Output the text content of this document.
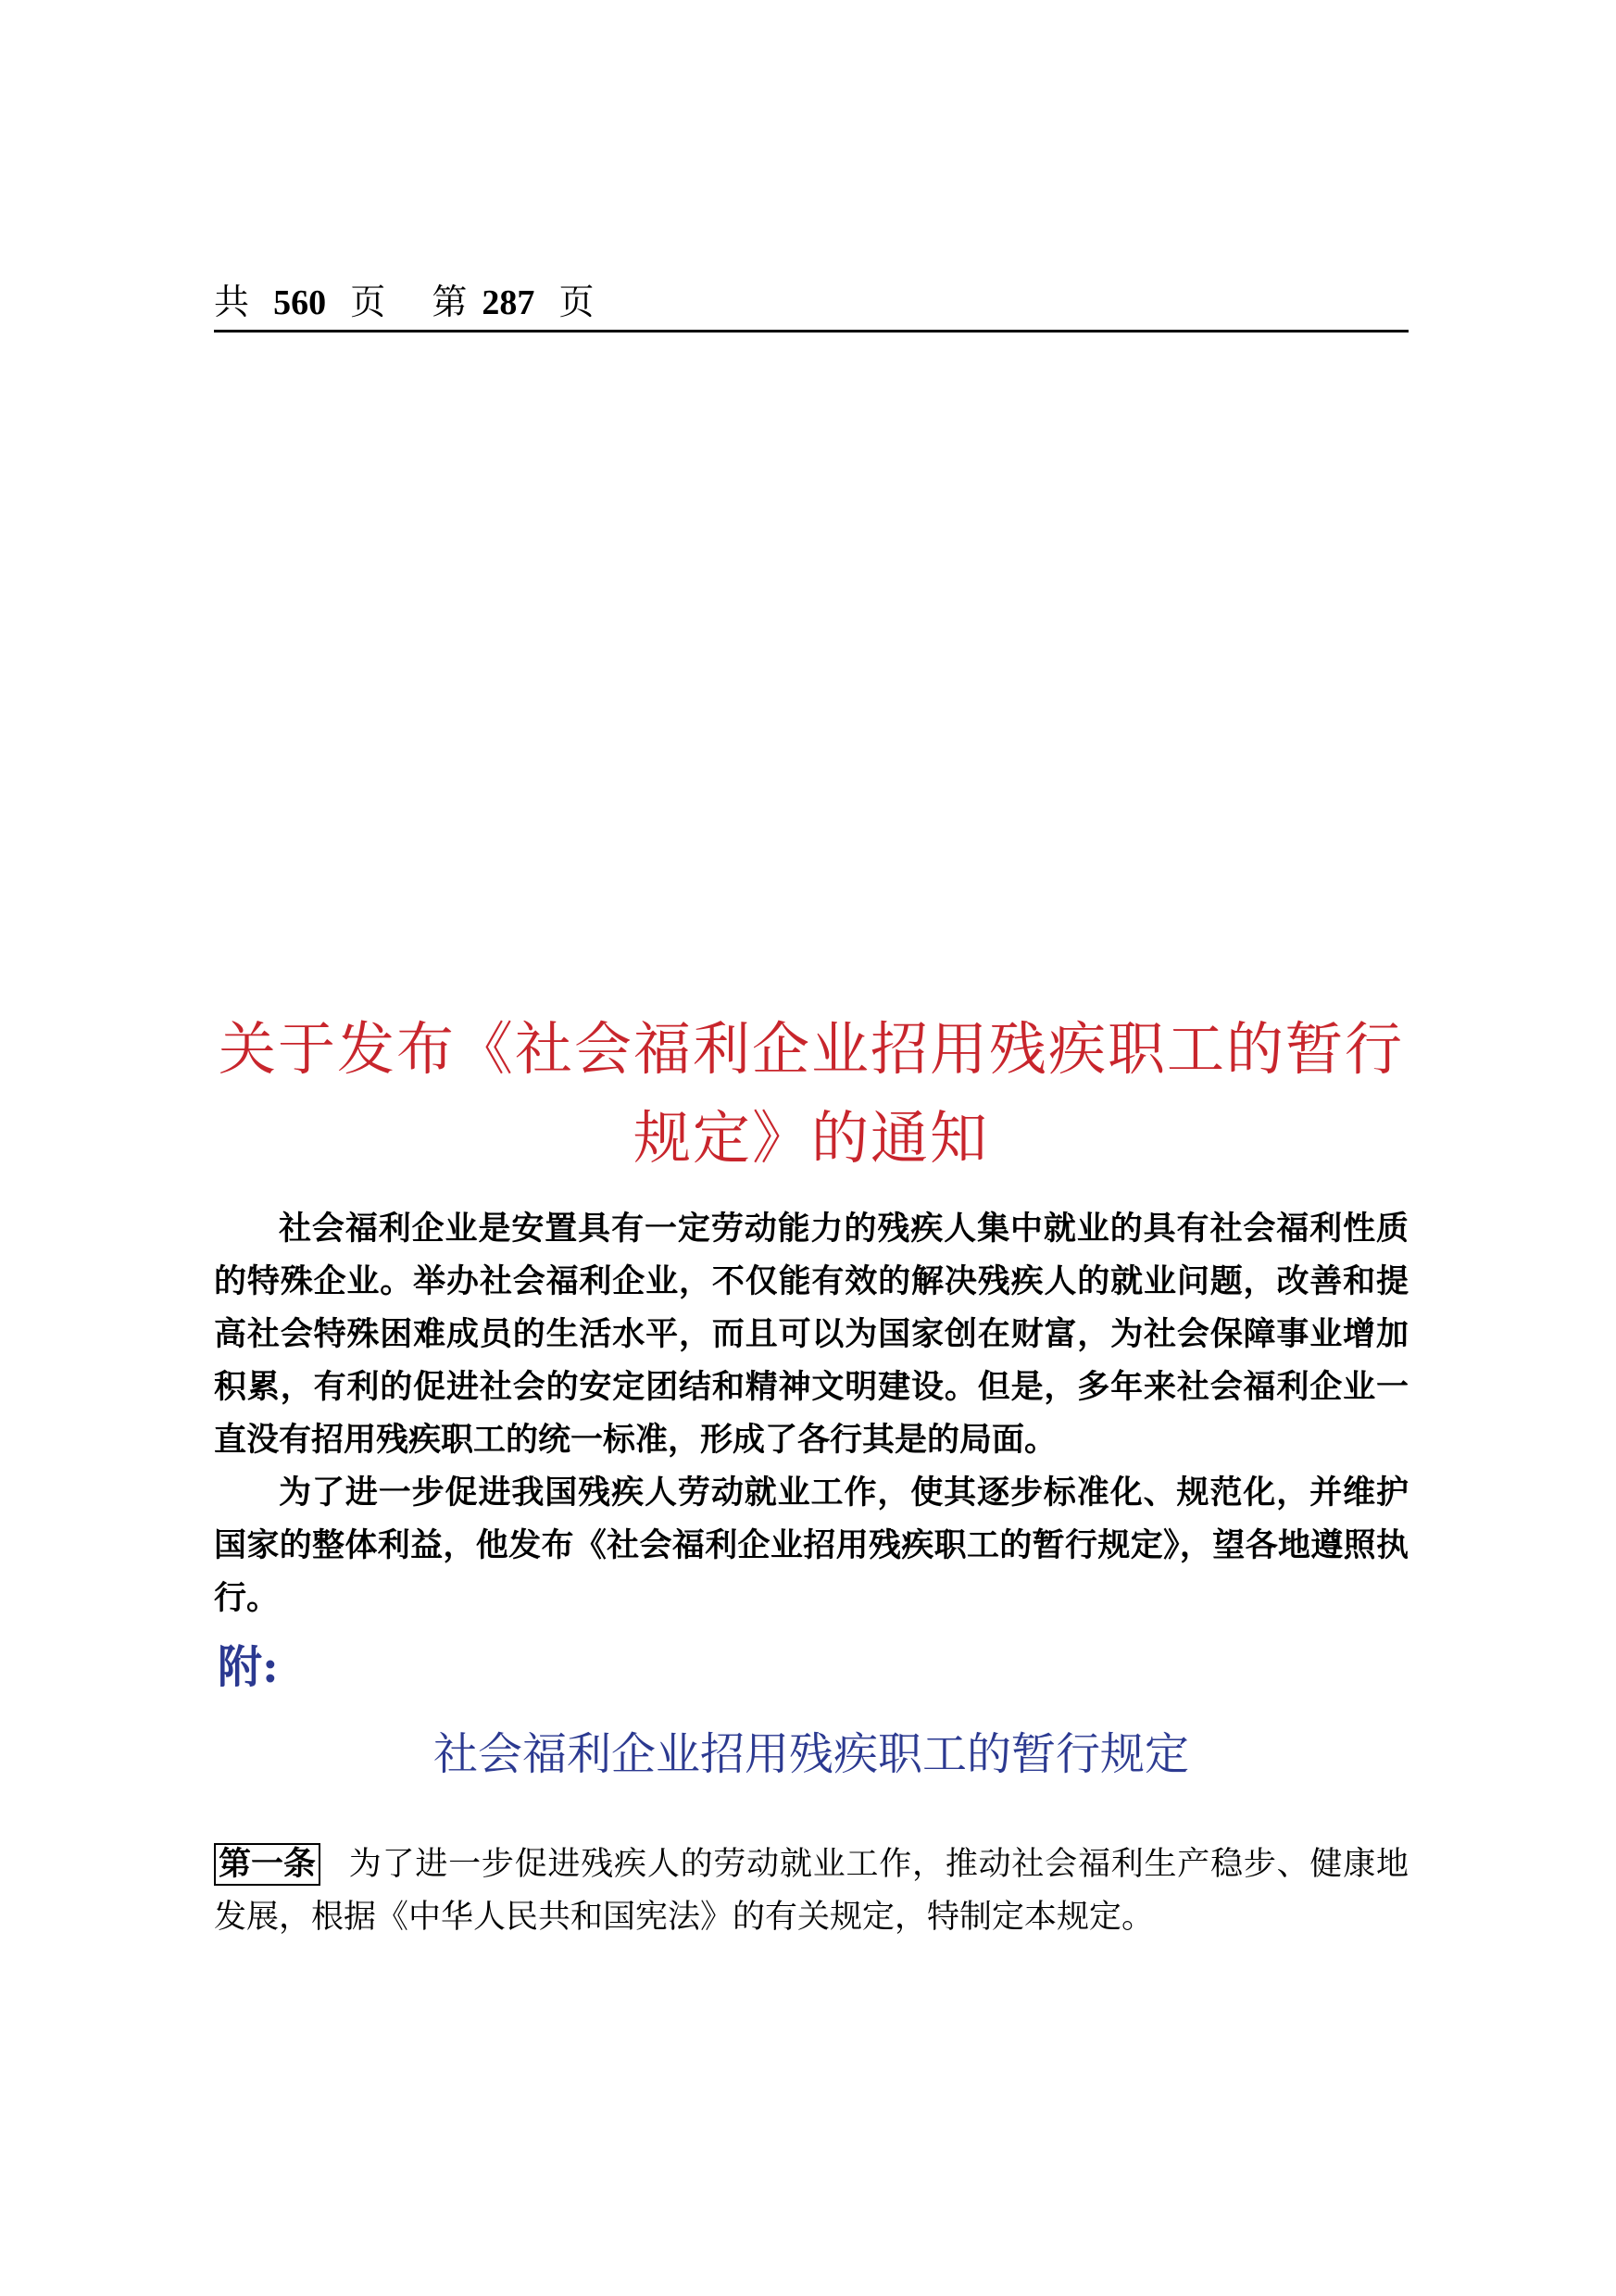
共 560 页 第 287 页
关于发布《社会福利企业招用残疾职工的暂行
规定》的通知

社会福利企业是安置具有一定劳动能力的残疾人集中就业的具有社会福利性质的特殊企业。举办社会福利企业，不仅能有效的解决残疾人的就业问题，改善和提高社会特殊困难成员的生活水平，而且可以为国家创在财富，为社会保障事业增加积累，有利的促进社会的安定团结和精神文明建设。但是，多年来社会福利企业一直没有招用残疾职工的统一标准，形成了各行其是的局面。

为了进一步促进我国残疾人劳动就业工作，使其逐步标准化、规范化，并维护国家的整体利益，他发布《社会福利企业招用残疾职工的暂行规定》，望各地遵照执行。

附:
社会福利企业招用残疾职工的暂行规定
第一条 为了进一步促进残疾人的劳动就业工作，推动社会福利生产稳步、健康地发展，根据《中华人民共和国宪法》的有关规定，特制定本规定。
